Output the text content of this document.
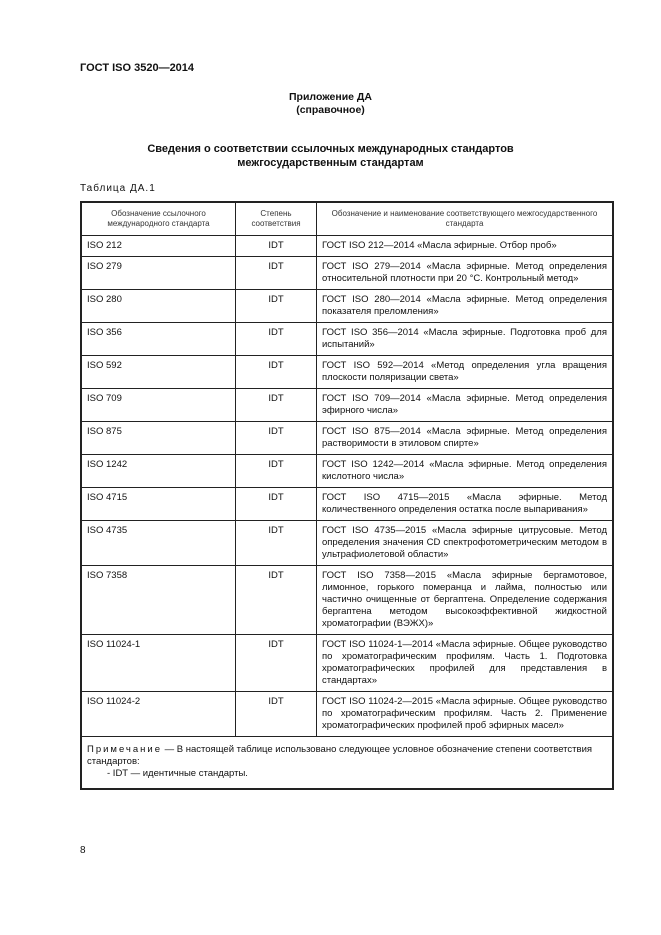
ГОСТ ISO 3520—2014
Приложение ДА
(справочное)
Сведения о соответствии ссылочных международных стандартов
межгосударственным стандартам
Таблица ДА.1
Обозначение ссылочного международного стандарта	Степень соответствия	Обозначение и наименование соответствующего межгосударственного стандарта
ISO 212	IDT	ГОСТ ISO 212—2014 «Масла эфирные. Отбор проб»
ISO 279	IDT	ГОСТ ISO 279—2014 «Масла эфирные. Метод определения относительной плотности при 20 °С. Контрольный метод»
ISO 280	IDT	ГОСТ ISO 280—2014 «Масла эфирные. Метод определения показателя преломления»
ISO 356	IDT	ГОСТ ISO 356—2014 «Масла эфирные. Подготовка проб для испытаний»
ISO 592	IDT	ГОСТ ISO 592—2014 «Метод определения угла вращения плоскости поляризации света»
ISO 709	IDT	ГОСТ ISO 709—2014 «Масла эфирные. Метод определения эфирного числа»
ISO 875	IDT	ГОСТ ISO 875—2014 «Масла эфирные. Метод определения растворимости в этиловом спирте»
ISO 1242	IDT	ГОСТ ISO 1242—2014 «Масла эфирные. Метод определения кислотного числа»
ISO 4715	IDT	ГОСТ ISO 4715—2015 «Масла эфирные. Метод количественного определения остатка после выпаривания»
ISO 4735	IDT	ГОСТ ISO 4735—2015 «Масла эфирные цитрусовые. Метод определения значения CD спектрофотометрическим методом в ультрафиолетовой области»
ISO 7358	IDT	ГОСТ ISO 7358—2015 «Масла эфирные бергамотовое, лимонное, горького померанца и лайма, полностью или частично очищенные от бергаптена. Определение содержания бергаптена методом высокоэффективной жидкостной хроматографии (ВЭЖХ)»
ISO 11024-1	IDT	ГОСТ ISO 11024-1—2014 «Масла эфирные. Общее руководство по хроматографическим профилям. Часть 1. Подготовка хроматографических профилей для представления в стандартах»
ISO 11024-2	IDT	ГОСТ ISO 11024-2—2015 «Масла эфирные. Общее руководство по хроматографическим профилям. Часть 2. Применение хроматографических профилей проб эфирных масел»
Примечание — В настоящей таблице использовано следующее условное обозначение степени соответствия стандартов:
- IDT — идентичные стандарты.		
8
